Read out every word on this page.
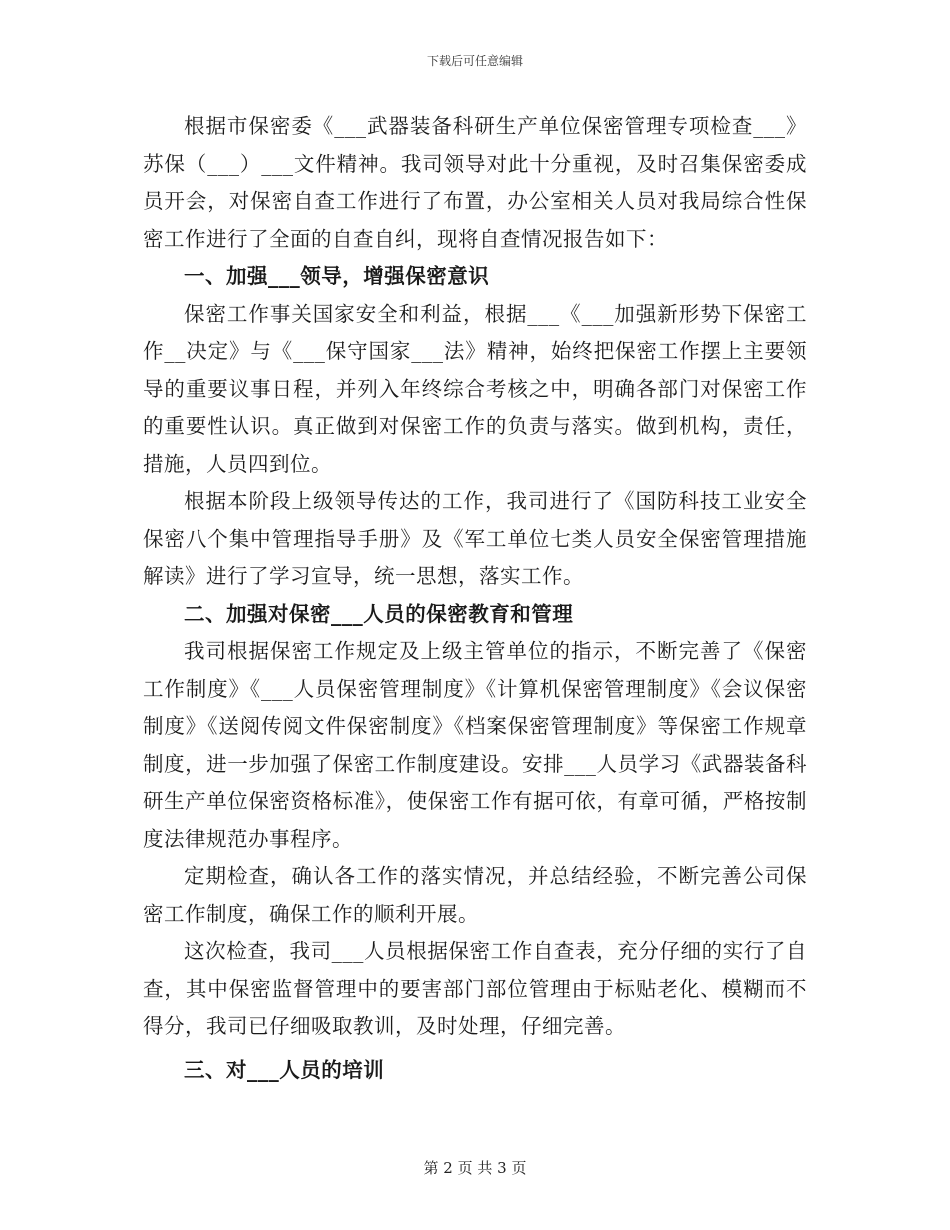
下载后可任意编辑

根据市保密委《___武器装备科研生产单位保密管理专项检查___》苏保（___）___文件精神。我司领导对此十分重视，及时召集保密委成员开会，对保密自查工作进行了布置，办公室相关人员对我局综合性保密工作进行了全面的自查自纠，现将自查情况报告如下：

一、加强___领导，增强保密意识

保密工作事关国家安全和利益，根据___《___加强新形势下保密工作__决定》与《___保守国家___法》精神，始终把保密工作摆上主要领导的重要议事日程，并列入年终综合考核之中，明确各部门对保密工作的重要性认识。真正做到对保密工作的负责与落实。做到机构，责任，措施，人员四到位。

根据本阶段上级领导传达的工作，我司进行了《国防科技工业安全保密八个集中管理指导手册》及《军工单位七类人员安全保密管理措施解读》进行了学习宣导，统一思想，落实工作。

二、加强对保密___人员的保密教育和管理

我司根据保密工作规定及上级主管单位的指示，不断完善了《保密工作制度》《___人员保密管理制度》《计算机保密管理制度》《会议保密制度》《送阅传阅文件保密制度》《档案保密管理制度》等保密工作规章制度，进一步加强了保密工作制度建设。安排___人员学习《武器装备科研生产单位保密资格标准》，使保密工作有据可依，有章可循，严格按制度法律规范办事程序。

定期检查，确认各工作的落实情况，并总结经验，不断完善公司保密工作制度，确保工作的顺利开展。

这次检查，我司___人员根据保密工作自查表，充分仔细的实行了自查，其中保密监督管理中的要害部门部位管理由于标贴老化、模糊而不得分，我司已仔细吸取教训，及时处理，仔细完善。

三、对___人员的培训

第 2 页 共 3 页
